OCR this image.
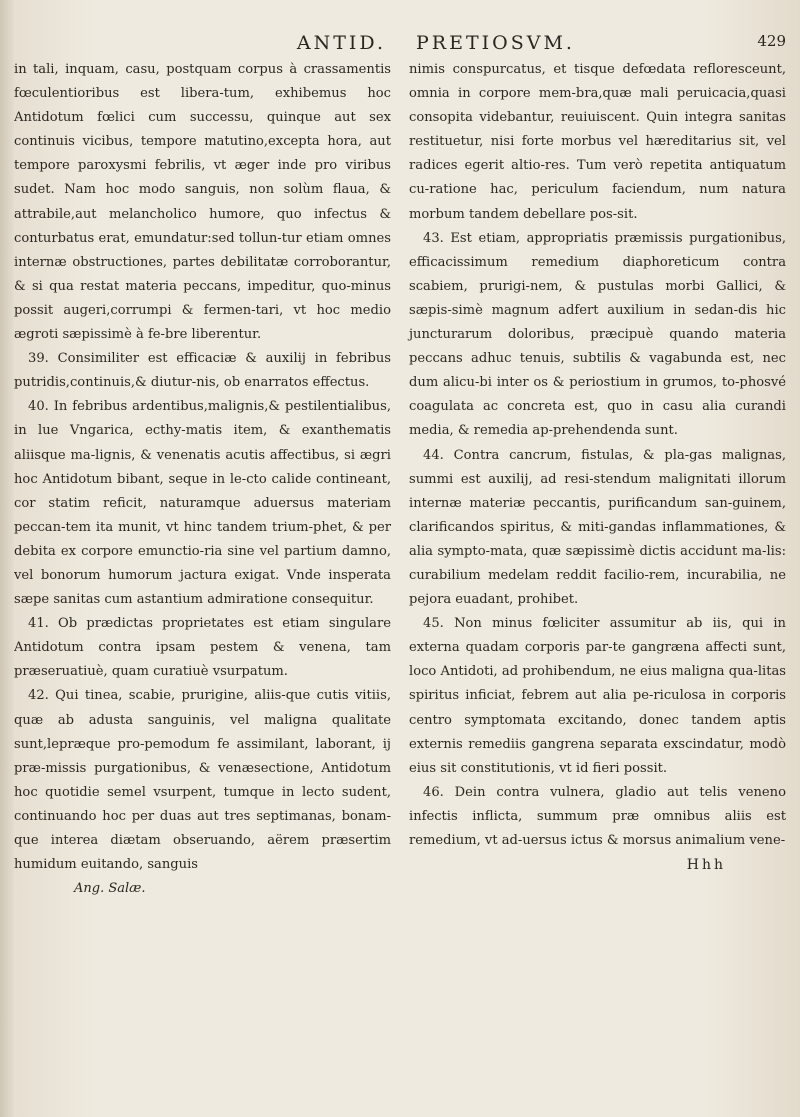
ANTID.	PRETIOSVM.	429

in tali, inquam, casu, postquam corpus à crassamentis fœculentioribus est libera-tum, exhibemus hoc Antidotum fœlici cum successu, quinque aut sex continuis vicibus, tempore matutino,excepta hora, aut tempore paroxysmi febrilis, vt æger inde pro viribus sudet. Nam hoc modo sanguis, non solùm flaua, & attrabile,aut melancholico humore, quo infectus & conturbatus erat, emundatur:sed tollun-tur etiam omnes internæ obstructiones, partes debilitatæ corroborantur, & si qua restat materia peccans, impeditur, quo-minus possit augeri,corrumpi & fermen-tari, vt hoc medio ægroti sæpissimè à fe-bre liberentur.

39. Consimiliter est efficaciæ & auxilij in febribus putridis,continuis,& diutur-nis, ob enarratos effectus.

40. In febribus ardentibus,malignis,& pestilentialibus, in lue Vngarica, ecthy-matis item, & exanthematis aliisque ma-lignis, & venenatis acutis affectibus, si ægri hoc Antidotum bibant, seque in le-cto calide contineant, cor statim reficit, naturamque aduersus materiam peccan-tem ita munit, vt hinc tandem trium-phet, & per debita ex corpore emunctio-ria sine vel partium damno, vel bonorum humorum jactura exigat. Vnde insperata sæpe sanitas cum astantium admiratione consequitur.

41. Ob prædictas proprietates est etiam singulare Antidotum contra ipsam pestem & venena, tam præseruatiuè, quam curatiuè vsurpatum.

42. Qui tinea, scabie, prurigine, aliis-que cutis vitiis, quæ ab adusta sanguinis, vel maligna qualitate sunt,lepræque pro-pemodum fe assimilant, laborant, ij præ-missis purgationibus, & venæsectione, Antidotum hoc quotidie semel vsurpent, tumque in lecto sudent, continuando hoc per duas aut tres septimanas, bonam-que interea diætam obseruando, aërem præsertim humidum euitando, sanguis

Ang. Salæ.

nimis conspurcatus, et tisque defœdata refloresceunt, omnia in corpore mem-bra,quæ mali peruicacia,quasi consopita videbantur, reuiuiscent. Quin integra sanitas restituetur, nisi forte morbus vel hæreditarius sit, vel radices egerit altio-res. Tum verò repetita antiquatum cu-ratione hac, periculum faciendum, num natura morbum tandem debellare pos-sit.

43. Est etiam, appropriatis præmissis purgationibus, efficacissimum remedium diaphoreticum contra scabiem, prurigi-nem, & pustulas morbi Gallici, & sæpis-simè magnum adfert auxilium in sedan-dis hic juncturarum doloribus, præcipuè quando materia peccans adhuc tenuis, subtilis & vagabunda est, nec dum alicu-bi inter os & periostium in grumos, to-phosvé coagulata ac concreta est, quo in casu alia curandi media, & remedia ap-prehendenda sunt.

44. Contra cancrum, fistulas, & pla-gas malignas, summi est auxilij, ad resi-stendum malignitati illorum internæ materiæ peccantis, purificandum san-guinem, clarificandos spiritus, & miti-gandas inflammationes, & alia sympto-mata, quæ sæpissimè dictis accidunt ma-lis: curabilium medelam reddit facilio-rem, incurabilia, ne pejora euadant, prohibet.

45. Non minus fœliciter assumitur ab iis, qui in externa quadam corporis par-te gangræna affecti sunt, loco Antidoti, ad prohibendum, ne eius maligna qua-litas spiritus inficiat, febrem aut alia pe-riculosa in corporis centro symptomata excitando, donec tandem aptis externis remediis gangrena separata exscindatur, modò eius sit constitutionis, vt id fieri possit.

46. Dein contra vulnera, gladio aut telis veneno infectis inflicta, summum præ omnibus aliis est remedium, vt ad-uersus ictus & morsus animalium vene-

Hhh
